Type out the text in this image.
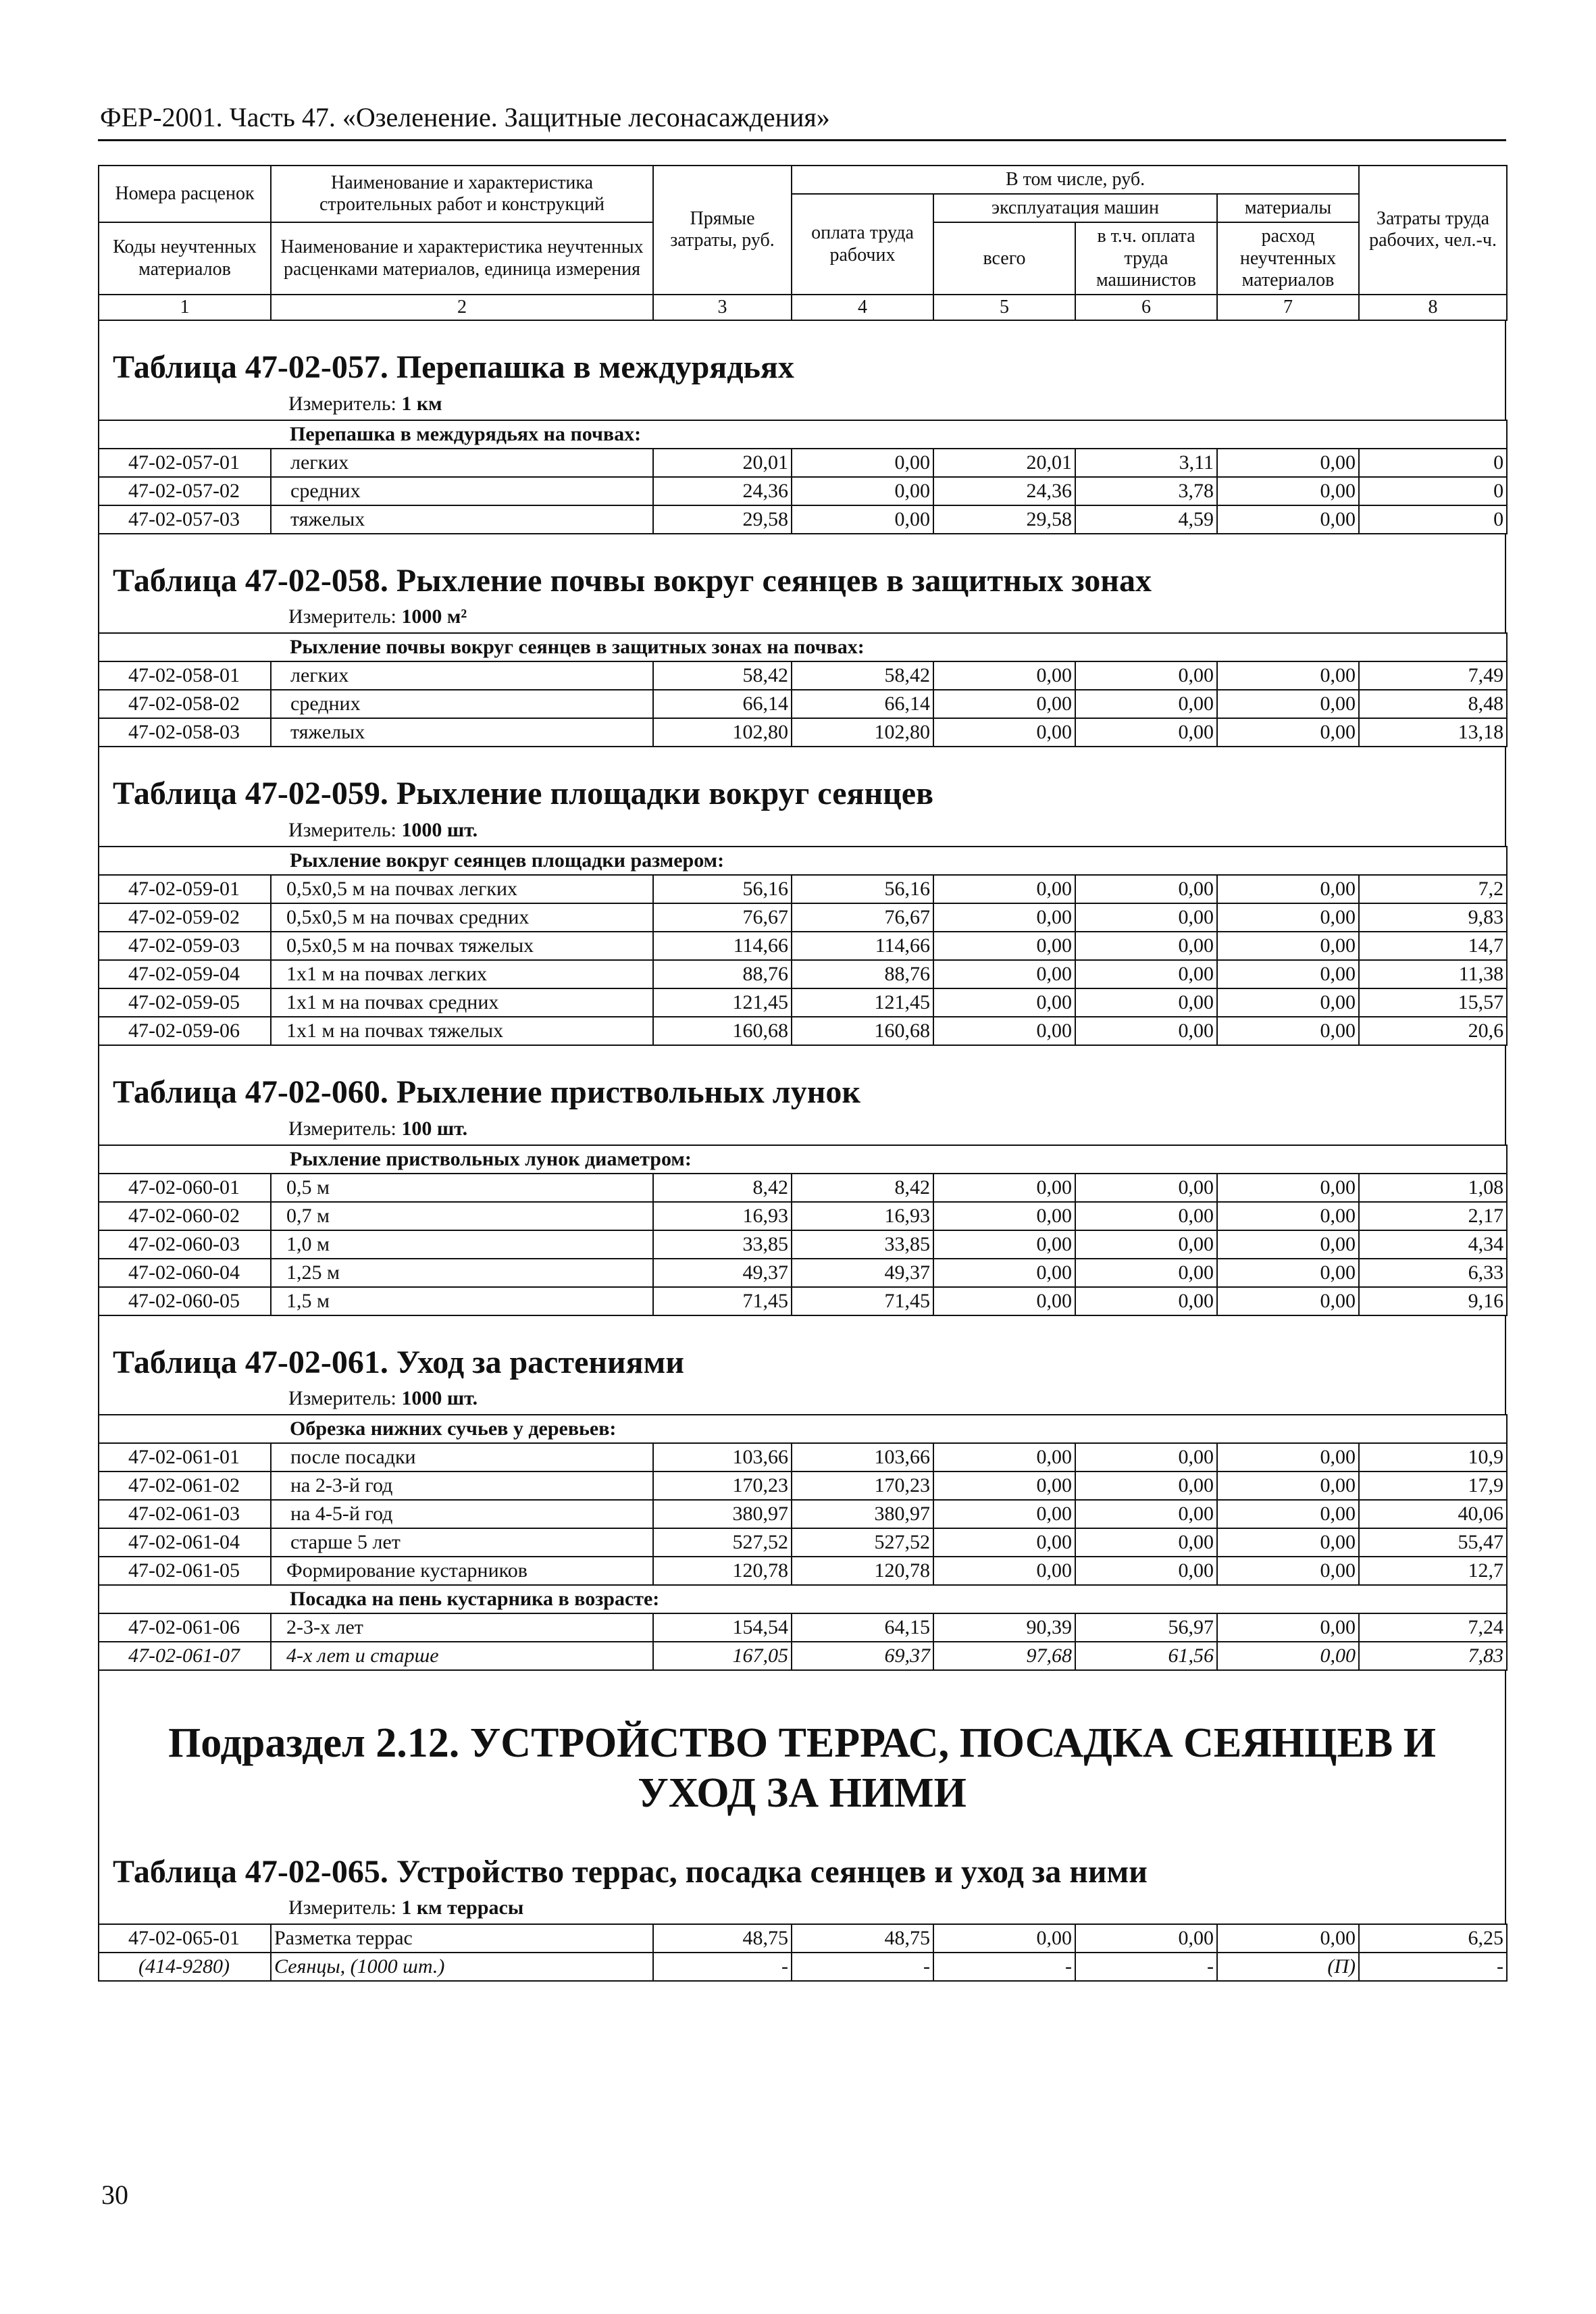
ФЕР-2001. Часть 47. «Озеленение. Защитные лесонасаждения»
Номера расценок	Наименование и характеристика строительных работ и конструкций	Прямые затраты, руб.	В том числе, руб.				Затраты труда рабочих, чел.-ч.
			оплата труда рабочих	эксплуатация машин		материалы	
Коды неучтенных материалов	Наименование и характеристика неучтенных расценками материалов, единица измерения			всего	в т.ч. оплата труда машинистов	расход неучтенных материалов	

1	2	3	4	5	6	7	8
Таблица 47-02-057. Перепашка в междурядьях
Измеритель: 1 км
Перепашка в междурядьях на почвах:							
47-02-057-01	легких	20,01	0,00	20,01	3,11	0,00	0
47-02-057-02	средних	24,36	0,00	24,36	3,78	0,00	0
47-02-057-03	тяжелых	29,58	0,00	29,58	4,59	0,00	0
Таблица 47-02-058. Рыхление почвы вокруг сеянцев в защитных зонах
Измеритель: 1000 м²
Рыхление почвы вокруг сеянцев в защитных зонах на почвах:							
47-02-058-01	легких	58,42	58,42	0,00	0,00	0,00	7,49
47-02-058-02	средних	66,14	66,14	0,00	0,00	0,00	8,48
47-02-058-03	тяжелых	102,80	102,80	0,00	0,00	0,00	13,18
Таблица 47-02-059. Рыхление площадки вокруг сеянцев
Измеритель: 1000 шт.
Рыхление вокруг сеянцев площадки размером:							
47-02-059-01	0,5х0,5 м на почвах легких	56,16	56,16	0,00	0,00	0,00	7,2
47-02-059-02	0,5х0,5 м на почвах средних	76,67	76,67	0,00	0,00	0,00	9,83
47-02-059-03	0,5х0,5 м на почвах тяжелых	114,66	114,66	0,00	0,00	0,00	14,7
47-02-059-04	1х1 м на почвах легких	88,76	88,76	0,00	0,00	0,00	11,38
47-02-059-05	1х1 м на почвах средних	121,45	121,45	0,00	0,00	0,00	15,57
47-02-059-06	1х1 м на почвах тяжелых	160,68	160,68	0,00	0,00	0,00	20,6
Таблица 47-02-060. Рыхление приствольных лунок
Измеритель: 100 шт.
Рыхление приствольных лунок диаметром:							
47-02-060-01	0,5 м	8,42	8,42	0,00	0,00	0,00	1,08
47-02-060-02	0,7 м	16,93	16,93	0,00	0,00	0,00	2,17
47-02-060-03	1,0 м	33,85	33,85	0,00	0,00	0,00	4,34
47-02-060-04	1,25 м	49,37	49,37	0,00	0,00	0,00	6,33
47-02-060-05	1,5 м	71,45	71,45	0,00	0,00	0,00	9,16
Таблица 47-02-061. Уход за растениями
Измеритель: 1000 шт.
Обрезка нижних сучьев у деревьев:							
47-02-061-01	после посадки	103,66	103,66	0,00	0,00	0,00	10,9
47-02-061-02	на 2-3-й год	170,23	170,23	0,00	0,00	0,00	17,9
47-02-061-03	на 4-5-й год	380,97	380,97	0,00	0,00	0,00	40,06
47-02-061-04	старше 5 лет	527,52	527,52	0,00	0,00	0,00	55,47
47-02-061-05	Формирование кустарников	120,78	120,78	0,00	0,00	0,00	12,7
Посадка на пень кустарника в возрасте:							
47-02-061-06	2-3-х лет	154,54	64,15	90,39	56,97	0,00	7,24
47-02-061-07	4-х лет и старше	167,05	69,37	97,68	61,56	0,00	7,83
Подраздел 2.12. УСТРОЙСТВО ТЕРРАС, ПОСАДКА СЕЯНЦЕВ И УХОД ЗА НИМИ
Таблица 47-02-065. Устройство террас, посадка сеянцев и уход за ними
Измеритель: 1 км террасы
47-02-065-01	Разметка террас	48,75	48,75	0,00	0,00	0,00	6,25
(414-9280)	Сеянцы, (1000 шт.)	-	-	-	-	(П)	-
30
